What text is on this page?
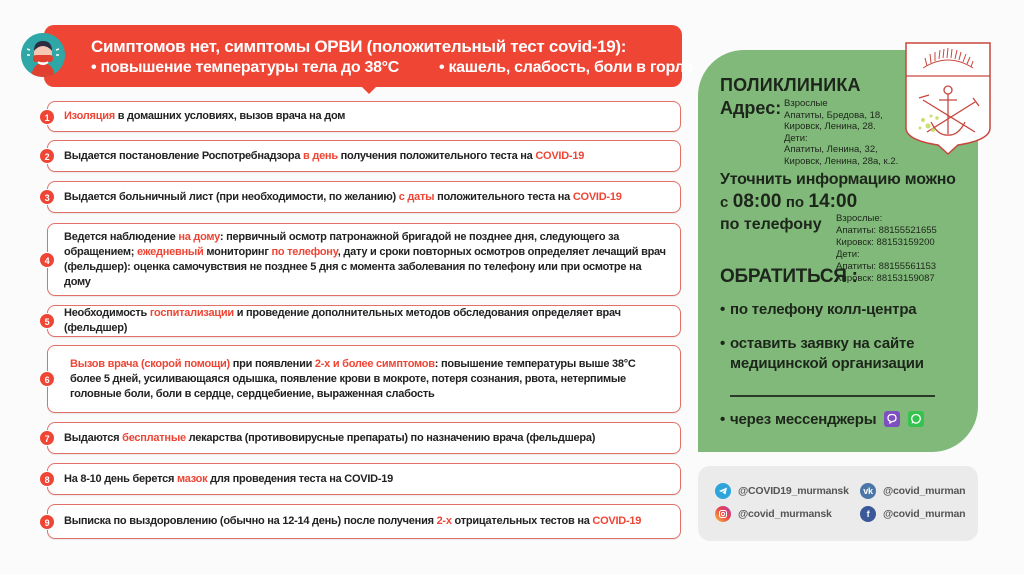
Симптомов нет, симптомы ОРВИ (положительный тест covid-19):
• повышение температуры тела до 38°С	• кашель, слабость, боли в горле
1	Изоляция в домашних условиях, вызов врача на дом
2	Выдается постановление Роспотребнадзора в день получения положительного теста на COVID-19
3	Выдается больничный лист (при необходимости, по желанию) с даты положительного теста на COVID-19
4
Ведется наблюдение на дому: первичный осмотр патронажной бригадой не позднее дня, следующего за обращением; ежедневный мониторинг по телефону, дату и сроки повторных осмотров определяет лечащий врач (фельдшер): оценка самочувствия не позднее 5 дня с момента заболевания по телефону или при осмотре на дому
5
Необходимость госпитализации и проведение дополнительных методов обследования определяет врач (фельдшер)
6
Вызов врача (скорой помощи) при появлении 2-х и более симптомов: повышение температуры выше 38°С более 5 дней, усиливающаяся одышка, появление крови в мокроте, потеря сознания, рвота, нетерпимые головные боли, боли в сердце, сердцебиение, выраженная слабость
7	Выдаются бесплатные лекарства (противовирусные препараты) по назначению врача (фельдшера)
8	На 8-10 день берется мазок для проведения теста на COVID-19
9	Выписка по выздоровлению (обычно на 12-14 день) после получения 2-х отрицательных тестов на COVID-19
ПОЛИКЛИНИКА
Адрес: Взрослые
Апатиты, Бредова, 18,
Кировск, Ленина, 28.
Дети:
Апатиты, Ленина, 32,
Кировск, Ленина, 28а, к.2.
Уточнить информацию можно
с 08:00 по 14:00
по телефону Взрослые:
Апатиты: 88155521655
Кировск: 88153159200
Дети:
Апатиты: 88155561153
Кировск: 88153159087
ОБРАТИТЬСЯ :
• по телефону колл-центра
• оставить заявку на сайте
медицинской организации
• через мессенджеры
@COVID19_murmansk	vk @covid_murman
@covid_murmansk	f	@covid_murman
